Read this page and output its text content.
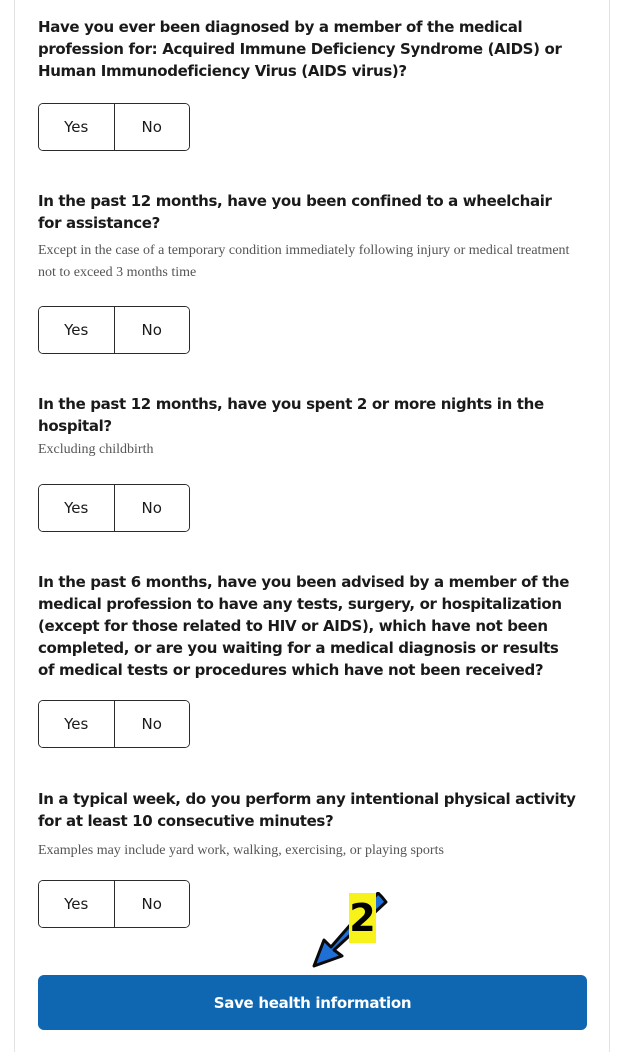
Have you ever been diagnosed by a member of the medical profession for: Acquired Immune Deficiency Syndrome (AIDS) or Human Immunodeficiency Virus (AIDS virus)?

Yes	No

In the past 12 months, have you been confined to a wheelchair for assistance?

Except in the case of a temporary condition immediately following injury or medical treatment not to exceed 3 months time

Yes	No

In the past 12 months, have you spent 2 or more nights in the hospital?

Excluding childbirth

Yes	No

In the past 6 months, have you been advised by a member of the medical profession to have any tests, surgery, or hospitalization (except for those related to HIV or AIDS), which have not been completed, or are you waiting for a medical diagnosis or results of medical tests or procedures which have not been received?

Yes	No

In a typical week, do you perform any intentional physical activity for at least 10 consecutive minutes?

Examples may include yard work, walking, exercising, or playing sports

Yes	No
Save health information
2
